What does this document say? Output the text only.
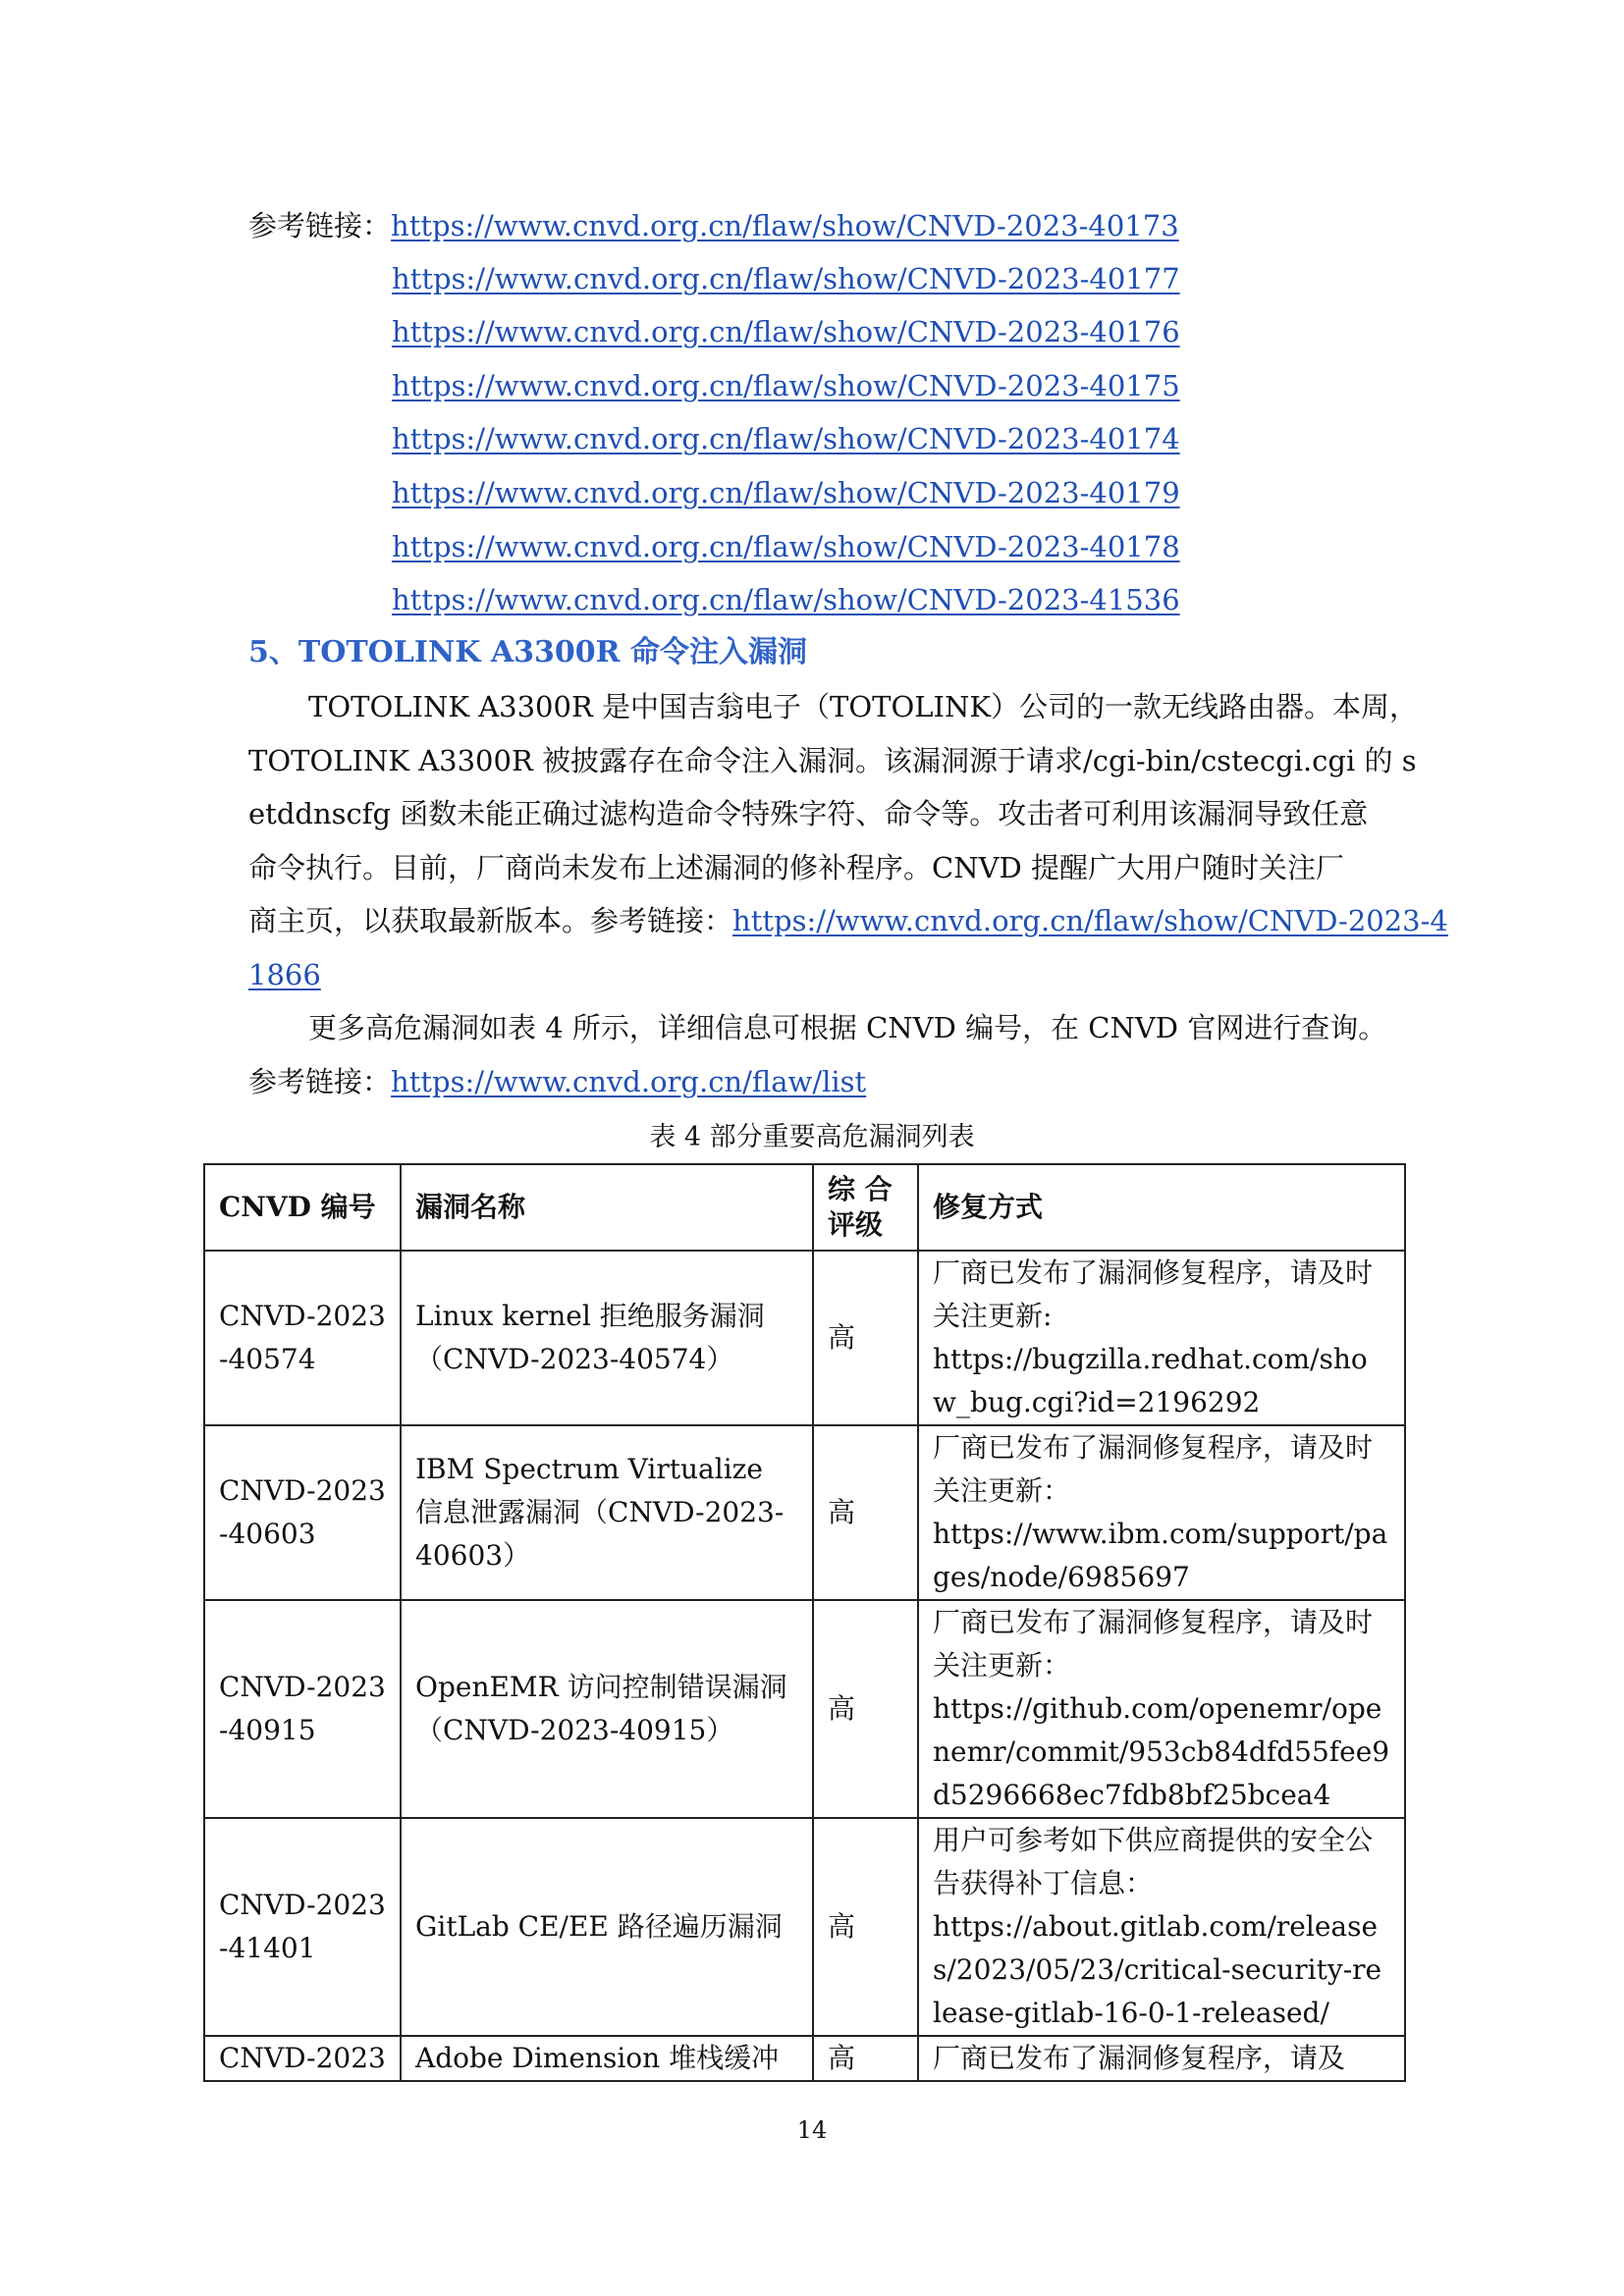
参考链接：https://www.cnvd.org.cn/flaw/show/CNVD-2023-40173
https://www.cnvd.org.cn/flaw/show/CNVD-2023-40177
https://www.cnvd.org.cn/flaw/show/CNVD-2023-40176
https://www.cnvd.org.cn/flaw/show/CNVD-2023-40175
https://www.cnvd.org.cn/flaw/show/CNVD-2023-40174
https://www.cnvd.org.cn/flaw/show/CNVD-2023-40179
https://www.cnvd.org.cn/flaw/show/CNVD-2023-40178
https://www.cnvd.org.cn/flaw/show/CNVD-2023-41536
5、TOTOLINK A3300R 命令注入漏洞
TOTOLINK A3300R 是中国吉翁电子（TOTOLINK）公司的一款无线路由器。本周，
TOTOLINK A3300R 被披露存在命令注入漏洞。该漏洞源于请求/cgi-bin/cstecgi.cgi 的 s
etddnscfg 函数未能正确过滤构造命令特殊字符、命令等。攻击者可利用该漏洞导致任意
命令执行。目前，厂商尚未发布上述漏洞的修补程序。CNVD 提醒广大用户随时关注厂
商主页，以获取最新版本。参考链接：https://www.cnvd.org.cn/flaw/show/CNVD-2023-4
1866
更多高危漏洞如表 4 所示，详细信息可根据 CNVD 编号，在 CNVD 官网进行查询。
参考链接：https://www.cnvd.org.cn/flaw/list
表 4 部分重要高危漏洞列表
CNVD 编号	漏洞名称	综 合 评级	修复方式
CNVD-2023-40574	Linux kernel 拒绝服务漏洞（CNVD-2023-40574）	高	厂商已发布了漏洞修复程序，请及时关注更新:
https://bugzilla.redhat.com/show_bug.cgi?id=2196292

CNVD-2023-40603	IBM Spectrum Virtualize 信息泄露漏洞（CNVD-2023-40603）	高	厂商已发布了漏洞修复程序，请及时关注更新：
https://www.ibm.com/support/pages/node/6985697

CNVD-2023-40915	OpenEMR 访问控制错误漏洞（CNVD-2023-40915）	高	厂商已发布了漏洞修复程序，请及时关注更新：
https://github.com/openemr/openemr/commit/953cb84dfd55fee9d5296668ec7fdb8bf25bcea4

CNVD-2023-41401	GitLab CE/EE 路径遍历漏洞	高	用户可参考如下供应商提供的安全公告获得补丁信息：
https://about.gitlab.com/releases/2023/05/23/critical-security-release-gitlab-16-0-1-released/

CNVD-2023	Adobe Dimension 堆栈缓冲	高	厂商已发布了漏洞修复程序，请及
14
